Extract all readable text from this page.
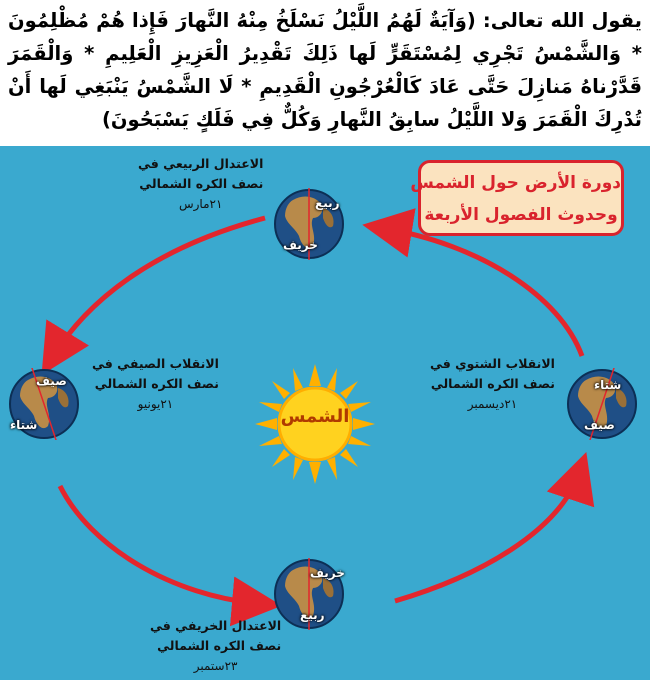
يقول الله تعالى: (وَآيَةٌ لَهُمُ اللَّيْلُ نَسْلَخُ مِنْهُ النَّهارَ فَإِذا هُمْ مُظْلِمُونَ * وَالشَّمْسُ تَجْرِي لِمُسْتَقَرٍّ لَها ذَلِكَ تَقْدِيرُ الْعَزِيزِ الْعَلِيمِ * وَالْقَمَرَ قَدَّرْناهُ مَنازِلَ حَتَّى عَادَ كَالْعُرْجُونِ الْقَدِيمِ * لَا الشَّمْسُ يَنْبَغِي لَها أَنْ تُدْرِكَ الْقَمَرَ وَلا اللَّيْلُ سابِقُ النَّهارِ وَكُلٌّ فِي فَلَكٍ يَسْبَحُونَ)
دورة الأرض حول الشمس
وحدوث الفصول الأربعة
الشمس
الاعتدال الربيعي في
نصف الكره الشمالي
٢١مارس	ربيع
خريف
الانقلاب الصيفي في
نصف الكره الشمالي
٢١يونيو
صيف
شتاء
الانقلاب الشتوي في
نصف الكره الشمالي
٢١ديسمبر
شتاء
صيف
خريف
ربيع
الاعتدال الخريفي في
نصف الكره الشمالي
٢٣ستمبر
